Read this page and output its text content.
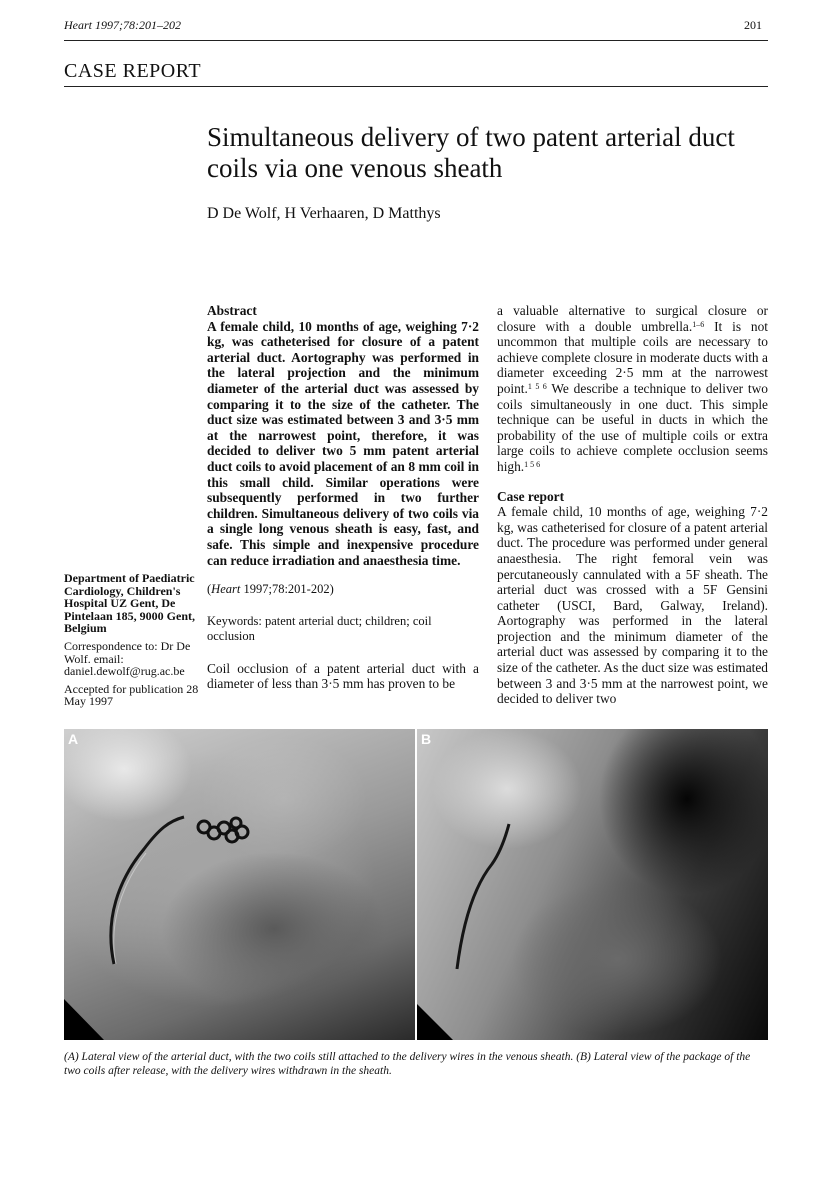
Heart 1997;78:201–202	201
CASE REPORT
Simultaneous delivery of two patent arterial duct coils via one venous sheath
D De Wolf, H Verhaaren, D Matthys

Department of Paediatric Cardiology, Children's Hospital UZ Gent, De Pintelaan 185, 9000 Gent, Belgium

Correspondence to: Dr De Wolf. email: daniel.dewolf@rug.ac.be

Accepted for publication 28 May 1997

Abstract

A female child, 10 months of age, weighing 7·2 kg, was catheterised for closure of a patent arterial duct. Aortography was performed in the lateral projection and the minimum diameter of the arterial duct was assessed by comparing it to the size of the catheter. The duct size was estimated between 3 and 3·5 mm at the narrowest point, therefore, it was decided to deliver two 5 mm patent arterial duct coils to avoid placement of an 8 mm coil in this small child. Similar operations were subsequently performed in two further children. Simultaneous delivery of two coils via a single long venous sheath is easy, fast, and safe. This simple and inexpensive procedure can reduce irradiation and anaesthesia time.

(Heart 1997;78:201-202)

Keywords: patent arterial duct; children; coil occlusion

Coil occlusion of a patent arterial duct with a diameter of less than 3·5 mm has proven to be

a valuable alternative to surgical closure or closure with a double umbrella.$^{1-6}$ It is not uncommon that multiple coils are necessary to achieve complete closure in moderate ducts with a diameter exceeding 2·5 mm at the narrowest point.$^{1 5 6}$ We describe a technique to deliver two coils simultaneously in one duct. This simple technique can be useful in ducts in which the probability of the use of multiple coils or extra large coils to achieve complete occlusion seems high.$^{1 5 6}$

Case report

A female child, 10 months of age, weighing 7·2 kg, was catheterised for closure of a patent arterial duct. The procedure was performed under general anaesthesia. The right femoral vein was percutaneously cannulated with a 5F sheath. The arterial duct was crossed with a 5F Gensini catheter (USCI, Bard, Galway, Ireland). Aortography was performed in the lateral projection and the minimum diameter of the arterial duct was assessed by comparing it to the size of the catheter. As the duct size was estimated between 3 and 3·5 mm at the narrowest point, we decided to deliver two

A	B
(A) Lateral view of the arterial duct, with the two coils still attached to the delivery wires in the venous sheath. (B) Lateral view of the package of the two coils after release, with the delivery wires withdrawn in the sheath.
